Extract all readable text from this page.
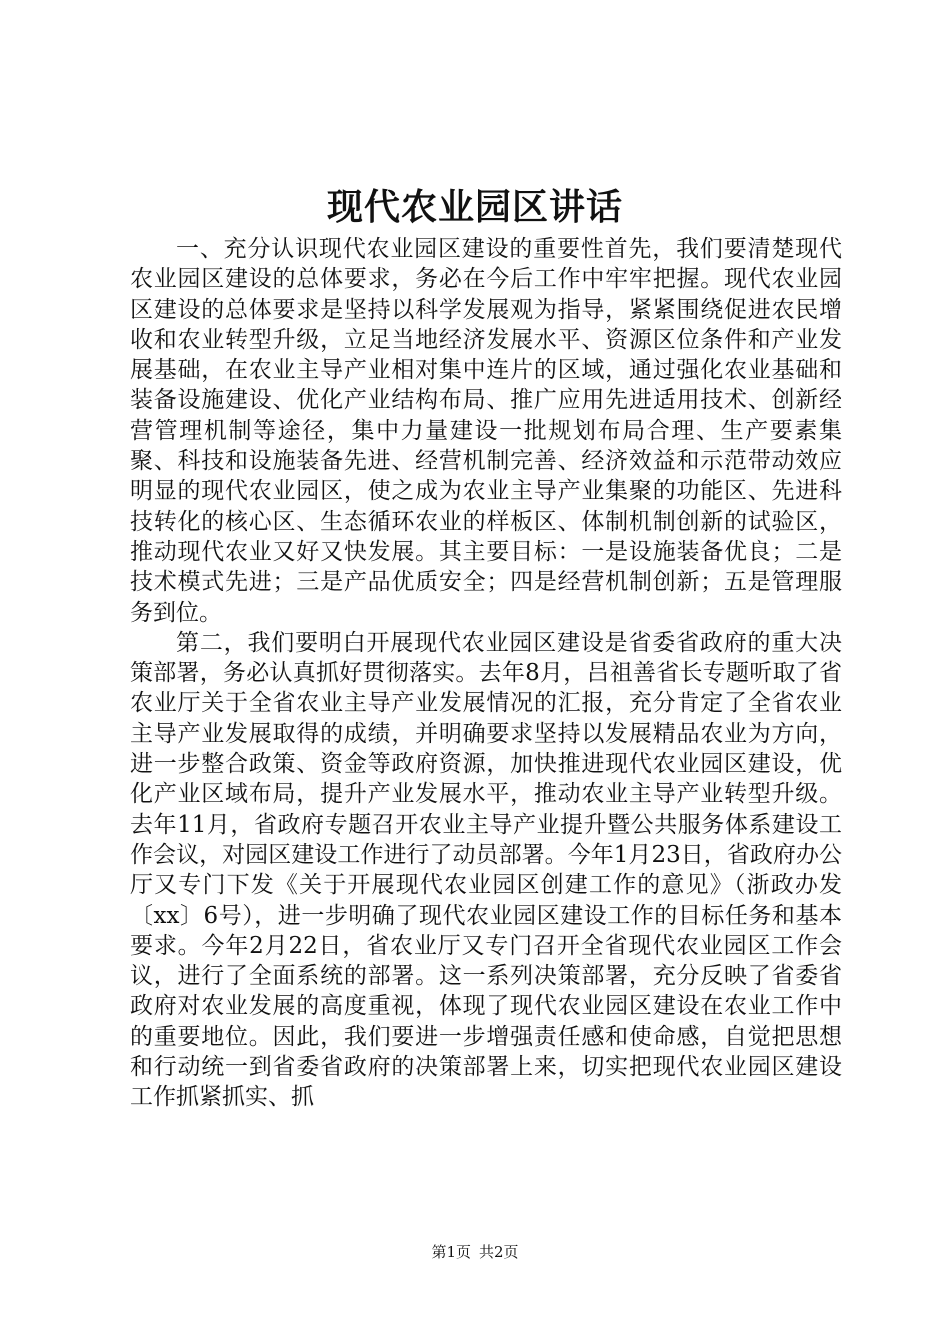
现代农业园区讲话

一、充分认识现代农业园区建设的重要性首先，我们要清楚现代农业园区建设的总体要求，务必在今后工作中牢牢把握。现代农业园区建设的总体要求是坚持以科学发展观为指导，紧紧围绕促进农民增收和农业转型升级，立足当地经济发展水平、资源区位条件和产业发展基础，在农业主导产业相对集中连片的区域，通过强化农业基础和装备设施建设、优化产业结构布局、推广应用先进适用技术、创新经营管理机制等途径，集中力量建设一批规划布局合理、生产要素集聚、科技和设施装备先进、经营机制完善、经济效益和示范带动效应明显的现代农业园区，使之成为农业主导产业集聚的功能区、先进科技转化的核心区、生态循环农业的样板区、体制机制创新的试验区，推动现代农业又好又快发展。其主要目标：一是设施装备优良；二是技术模式先进；三是产品优质安全；四是经营机制创新；五是管理服务到位。

第二，我们要明白开展现代农业园区建设是省委省政府的重大决策部署，务必认真抓好贯彻落实。去年8月，吕祖善省长专题听取了省农业厅关于全省农业主导产业发展情况的汇报，充分肯定了全省农业主导产业发展取得的成绩，并明确要求坚持以发展精品农业为方向，进一步整合政策、资金等政府资源，加快推进现代农业园区建设，优化产业区域布局，提升产业发展水平，推动农业主导产业转型升级。去年11月，省政府专题召开农业主导产业提升暨公共服务体系建设工作会议，对园区建设工作进行了动员部署。今年1月23日，省政府办公厅又专门下发《关于开展现代农业园区创建工作的意见》（浙政办发〔xx〕6号），进一步明确了现代农业园区建设工作的目标任务和基本要求。今年2月22日，省农业厅又专门召开全省现代农业园区工作会议，进行了全面系统的部署。这一系列决策部署，充分反映了省委省政府对农业发展的高度重视，体现了现代农业园区建设在农业工作中的重要地位。因此，我们要进一步增强责任感和使命感，自觉把思想和行动统一到省委省政府的决策部署上来，切实把现代农业园区建设工作抓紧抓实、抓

第1页 共2页
